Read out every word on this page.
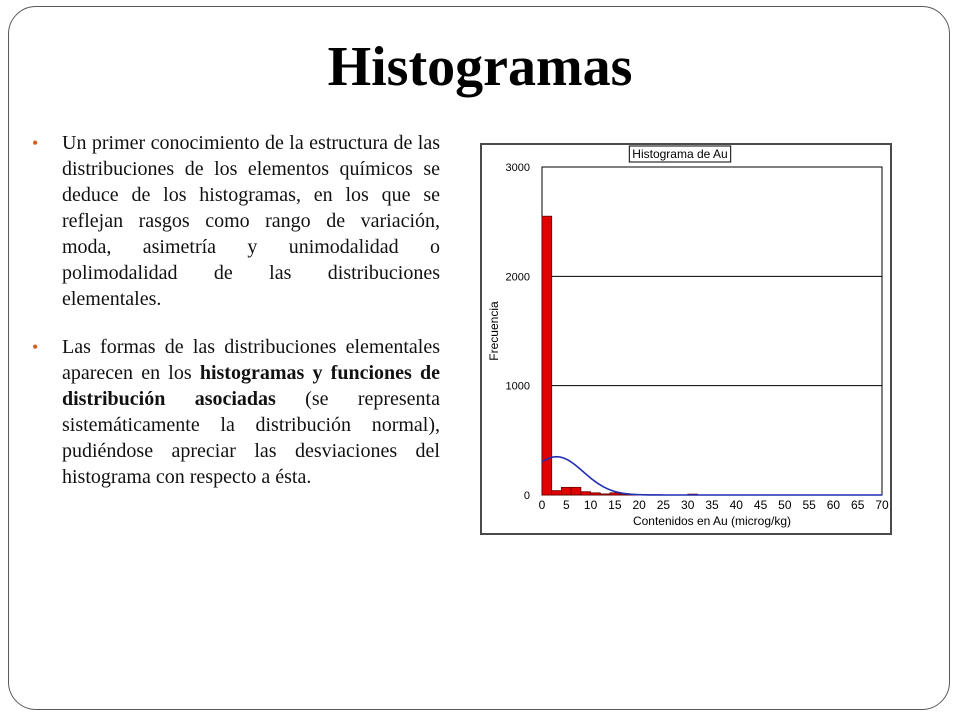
Histogramas
• Un primer conocimiento de la estructura de las distribuciones de los elementos químicos se deduce de los histogramas, en los que se reflejan rasgos como rango de variación, moda, asimetría y unimodalidad o polimodalidad de las distribuciones elementales.
• Las formas de las distribuciones elementales aparecen en los histogramas y funciones de distribución asociadas (se representa sistemáticamente la distribución normal), pudiéndose apreciar las desviaciones del histograma con respecto a ésta.
0
1000
2000
3000
0 5 10 15 20 25 30 35 40 45 50 55 60 65 70
Contenidos en Au (microg/kg)
Frecuencia
Histograma de Au
